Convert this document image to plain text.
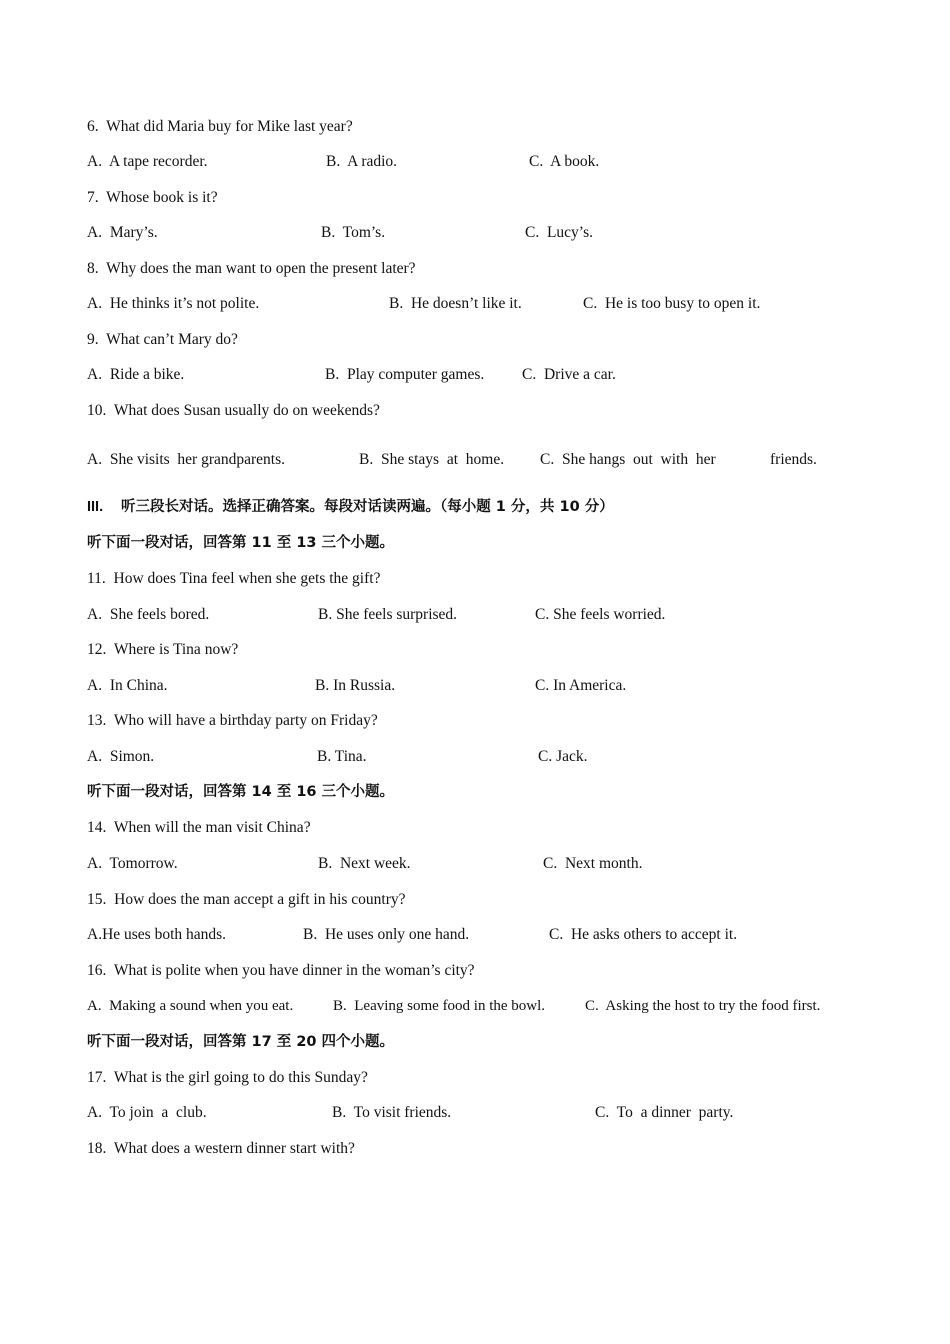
6.  What did Maria buy for Mike last year?
A.  A tape recorder.	B.  A radio.	C.  A book.
7.  Whose book is it?
A.  Mary’s.	B.  Tom’s.	C.  Lucy’s.
8.  Why does the man want to open the present later?
A.  He thinks it’s not polite.	B.  He doesn’t like it.	C.  He is too busy to open it.
9.  What can’t Mary do?
A.  Ride a bike.	B.  Play computer games. C.  Drive a car.
10.  What does Susan usually do on weekends?
A.  She visits  her grandparents.	B.  She stays  at  home. C.  She hangs  out  with  her	friends.
III. 听三段长对话。选择正确答案。每段对话读两遍。（每小题 1 分，共 10 分）
听下面一段对话，回答第 11 至 13 三个小题。
11.  How does Tina feel when she gets the gift?
A.  She feels bored.	B. She feels surprised.	C. She feels worried.
12.  Where is Tina now?
A.  In China.	B. In Russia.	C. In America.
13.  Who will have a birthday party on Friday?
A.  Simon.	B. Tina.	C. Jack.
听下面一段对话，回答第 14 至 16 三个小题。
14.  When will the man visit China?
A.  Tomorrow.	B.  Next week.	C.  Next month.
15.  How does the man accept a gift in his country?
A.He uses both hands.	B.  He uses only one hand.	C.  He asks others to accept it.
16.  What is polite when you have dinner in the woman’s city?
A.  Making a sound when you eat.	B.  Leaving some food in the bowl.	C.  Asking the host to try the food first.
听下面一段对话，回答第 17 至 20 四个小题。
17.  What is the girl going to do this Sunday?
A.  To join  a  club.	B.  To visit friends.	C.  To  a dinner  party.
18.  What does a western dinner start with?
